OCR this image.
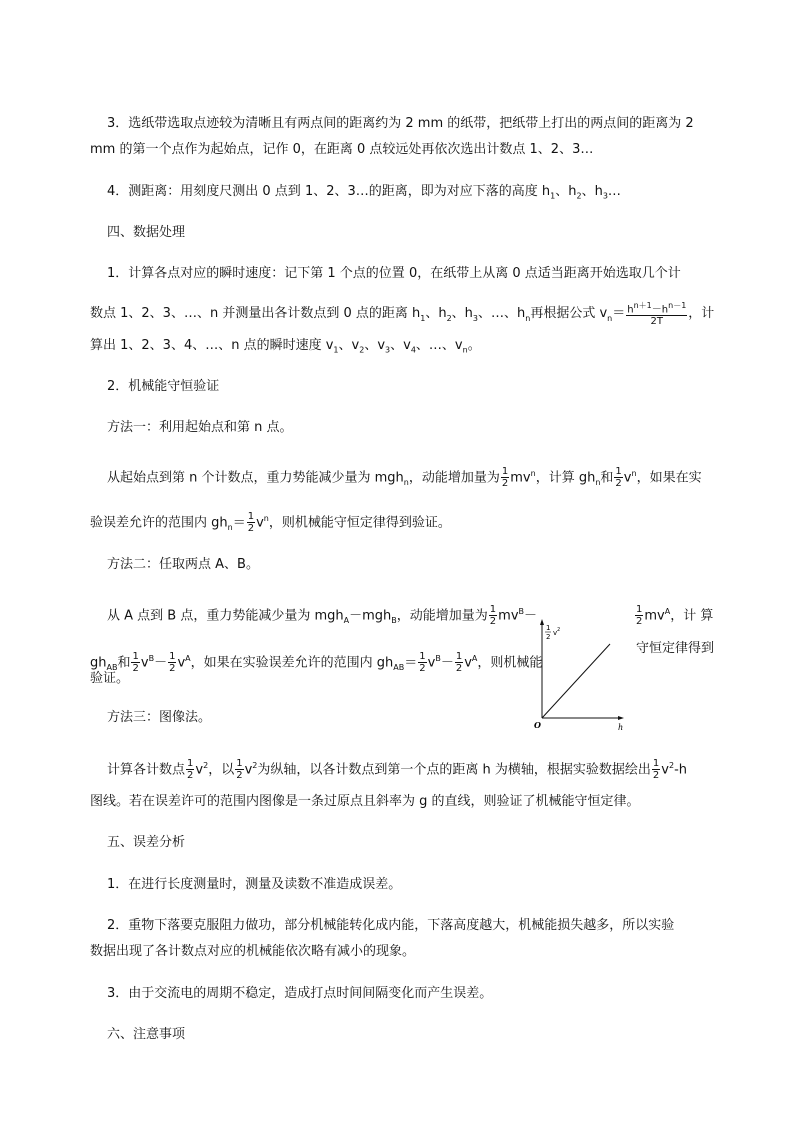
3．选纸带选取点迹较为清晰且有两点间的距离约为 2 mm 的纸带，把纸带上打出的两点间的距离为 2
mm 的第一个点作为起始点，记作 0，在距离 0 点较远处再依次选出计数点 1、2、3…
4．测距离：用刻度尺测出 0 点到 1、2、3…的距离，即为对应下落的高度 $h_1$、$h_2$、$h_3\dots$
四、数据处理
1．计算各点对应的瞬时速度：记下第 1 个点的位置 0，在纸带上从离 0 点适当距离开始选取几个计
数点 1、2、3、…、n 并测量出各计数点到 0 点的距离 $h_1$、$h_2$、$h_3$、…、$h_n$再根据公式 $v_n= \frac{h^{n+1}-h^{n-1}}{2T}$ ，计
算出 1、2、3、4、…、n 点的瞬时速度 $v_1$、$v_2$、$v_3$、$v_4$、…、$v_n$。
2．机械能守恒验证
方法一：利用起始点和第 n 点。
从起始点到第 n 个计数点，重力势能减少量为 mgh$_n$，动能增加量为 $\frac{1}{2} mv^n$，计算 $gh_n$和 $\frac{1}{2} v^n$，如果在实
验误差允许的范围内 $gh_n= \frac{1}{2} v^n$，则机械能守恒定律得到验证。
方法二：任取两点 A、B。
从 A 点到 B 点，重力势能减少量为 mgh$_A$－mgh$_B$，动能增加量为 $\frac{1}{2} mv^B-$	$\frac{1}{2} mv^A$，计 算
$gh_{AB}$和 $\frac{1}{2} v^B- \frac{1}{2} v^A$，如果在实验误差允许的范围内 $gh_{AB}= \frac{1}{2} v^B- \frac{1}{2} v^A$，则机械能
守恒定律得到
验证。
1
2 v 2
O	h
方法三：图像法。
计算各计数点 $\frac{1}{2} v^2$，以 $\frac{1}{2} v^2$为纵轴，以各计数点到第一个点的距离 h 为横轴，根据实验数据绘出 $\frac{1}{2} v^2-h$
图线。若在误差许可的范围内图像是一条过原点且斜率为 g 的直线，则验证了机械能守恒定律。
五、误差分析
1．在进行长度测量时，测量及读数不准造成误差。
2．重物下落要克服阻力做功，部分机械能转化成内能，下落高度越大，机械能损失越多，所以实验
数据出现了各计数点对应的机械能依次略有减小的现象。
3．由于交流电的周期不稳定，造成打点时间间隔变化而产生误差。
六、注意事项
